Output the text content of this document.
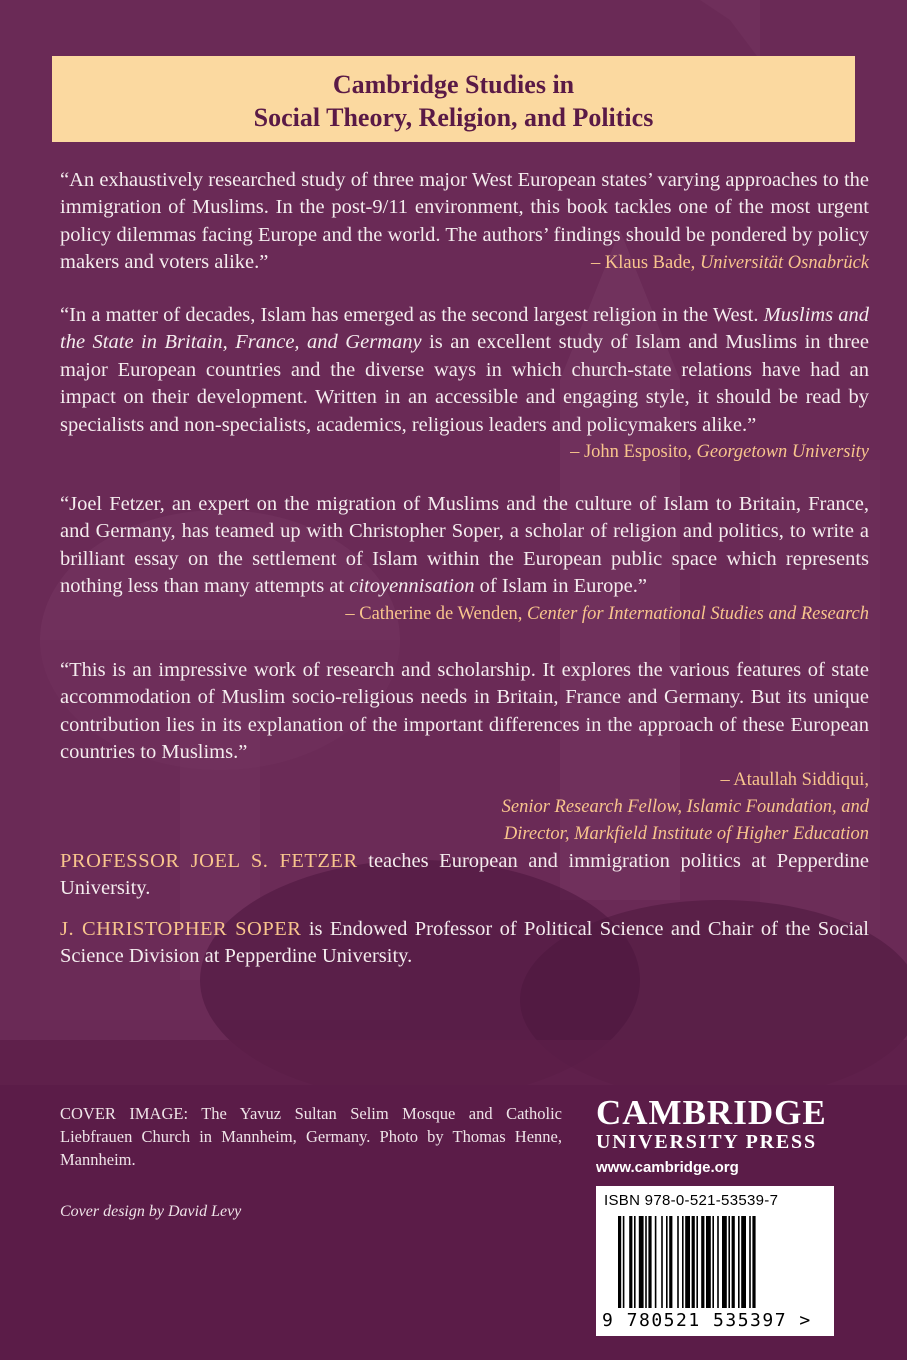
Cambridge Studies in
Social Theory, Religion, and Politics

“An exhaustively researched study of three major West European states’ varying approaches to the immigration of Muslims. In the post-9/11 environment, this book tackles one of the most urgent policy dilemmas facing Europe and the world. The authors’ findings should be pondered by policy makers and voters alike.”	– Klaus Bade, Universität Osnabrück

“In a matter of decades, Islam has emerged as the second largest religion in the West. Muslims and the State in Britain, France, and Germany is an excellent study of Islam and Muslims in three major European countries and the diverse ways in which church-state relations have had an impact on their development. Written in an accessible and engaging style, it should be read by specialists and non-specialists, academics, religious leaders and policymakers alike.”

– John Esposito, Georgetown University

“Joel Fetzer, an expert on the migration of Muslims and the culture of Islam to Britain, France, and Germany, has teamed up with Christopher Soper, a scholar of religion and politics, to write a brilliant essay on the settlement of Islam within the European public space which represents nothing less than many attempts at citoyennisation of Islam in Europe.”

– Catherine de Wenden, Center for International Studies and Research

“This is an impressive work of research and scholarship. It explores the various features of state accommodation of Muslim socio-religious needs in Britain, France and Germany. But its unique contribution lies in its explanation of the important differences in the approach of these European countries to Muslims.”

– Ataullah Siddiqui,
Senior Research Fellow, Islamic Foundation, and
Director, Markfield Institute of Higher Education
PROFESSOR JOEL S. FETZER teaches European and immigration politics at Pepperdine University.
J. CHRISTOPHER SOPER is Endowed Professor of Political Science and Chair of the Social Science Division at Pepperdine University.
COVER IMAGE: The Yavuz Sultan Selim Mosque and Catholic Liebfrauen Church in Mannheim, Germany. Photo by Thomas Henne, Mannheim.
Cover design by David Levy
CAMBRIDGE
UNIVERSITY PRESS
www.cambridge.org
ISBN 978-0-521-53539-7
9 780521 535397 >
